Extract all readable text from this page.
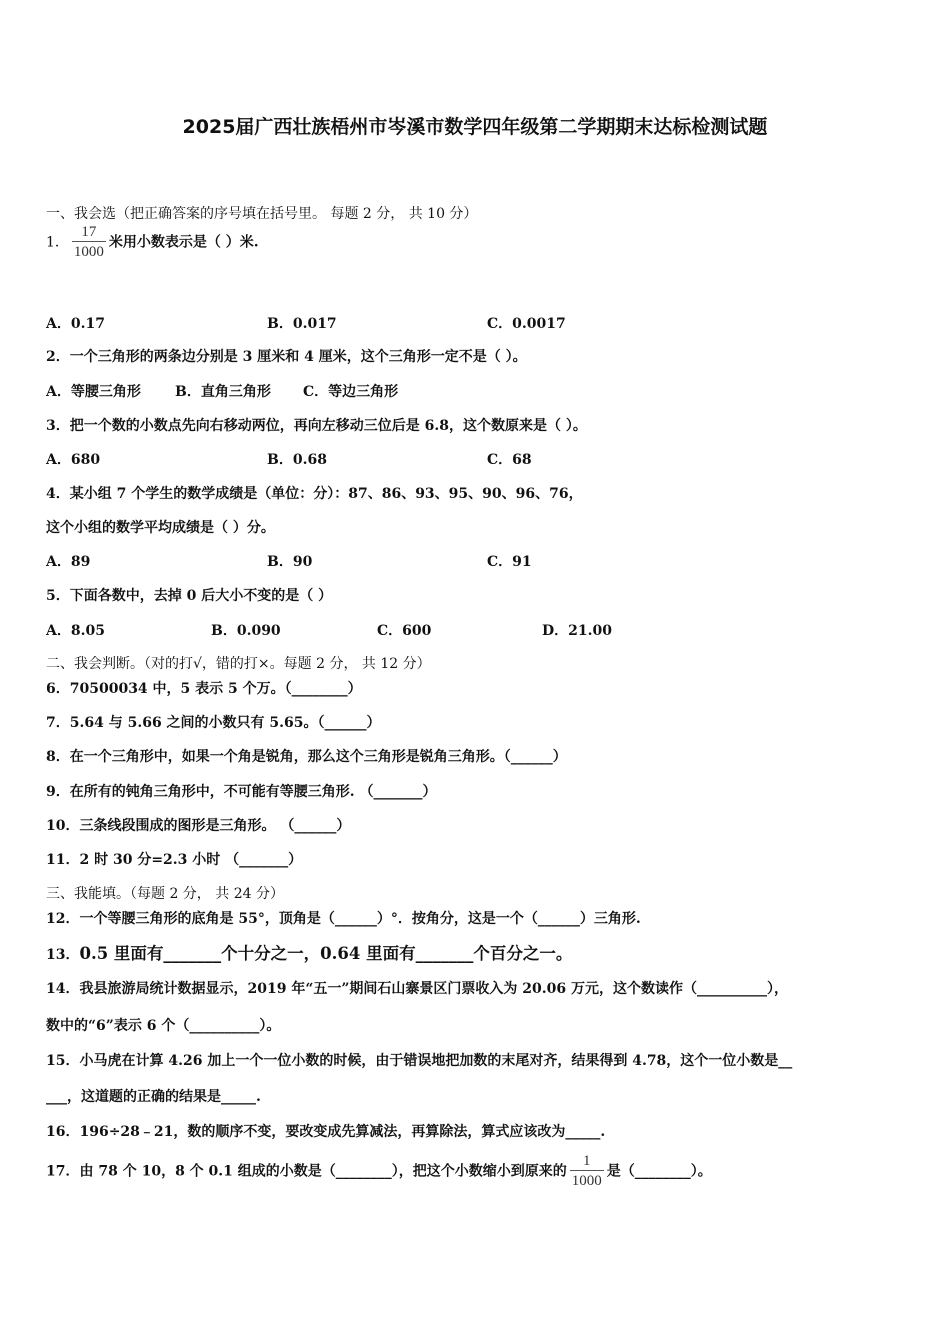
2025届广西壮族梧州市岑溪市数学四年级第二学期期末达标检测试题
一、我会选（把正确答案的序号填在括号里。 每题 2 分， 共 10 分）
1． $\frac{17}{1000}$ 米用小数表示是（ ）米.
A．0.17	B．0.017	C．0.0017
2．一个三角形的两条边分别是 3 厘米和 4 厘米，这个三角形一定不是（ ）。
A．等腰三角形 B．直角三角形 C．等边三角形
3．把一个数的小数点先向右移动两位，再向左移动三位后是 6.8，这个数原来是（ ）。
A．680	B．0.68	C．68
4．某小组 7 个学生的数学成绩是（单位：分）：87、86、93、95、90、96、76，
这个小组的数学平均成绩是（ ）分。
A．89	B．90	C．91
5．下面各数中，去掉 0 后大小不变的是（ ）
A．8.05	B．0.090	C．600	D．21.00
二、我会判断。（对的打√，错的打×。每题 2 分， 共 12 分）
6．70500034 中，5 表示 5 个万。（________）
7．5.64 与 5.66 之间的小数只有 5.65。（______）
8．在一个三角形中，如果一个角是锐角，那么这个三角形是锐角三角形。（______）
9．在所有的钝角三角形中，不可能有等腰三角形. （_______）
10．三条线段围成的图形是三角形。 （______）
11．2 时 30 分=2.3 小时 （_______）
三、我能填。（每题 2 分， 共 24 分）
12．一个等腰三角形的底角是 55°，顶角是（______）°．按角分，这是一个（______）三角形.
13．0.5 里面有_______个十分之一，0.64 里面有_______个百分之一。
14．我县旅游局统计数据显示，2019 年“五一”期间石山寨景区门票收入为 20.06 万元，这个数读作（__________），
数中的“6”表示 6 个（__________）。
15．小马虎在计算 4.26 加上一个一位小数的时候，由于错误地把加数的末尾对齐，结果得到 4.78，这个一位小数是__
___，这道题的正确的结果是_____.
16．196÷28﹣21，数的顺序不变，要改变成先算减法，再算除法，算式应该改为_____.
17．由 78 个 10，8 个 0.1 组成的小数是（________），把这个小数缩小到原来的 $\frac{1}{1000}$ 是（________）。
